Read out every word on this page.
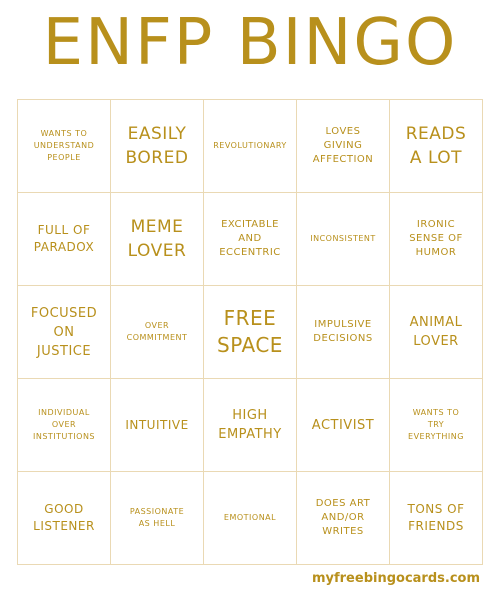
ENFP BINGO
WANTS TO
UNDERSTAND
PEOPLE
EASILY
BORED
REVOLUTIONARY
LOVES
GIVING
AFFECTION
READS
A LOT
FULL OF
PARADOX
MEME
LOVER
EXCITABLE
AND
ECCENTRIC
INCONSISTENT
IRONIC
SENSE OF
HUMOR
FOCUSED
ON
JUSTICE
OVER
COMMITMENT
FREE
SPACE
IMPULSIVE
DECISIONS
ANIMAL
LOVER
INDIVIDUAL
OVER
INSTITUTIONS
INTUITIVE
HIGH
EMPATHY
ACTIVIST
WANTS TO
TRY
EVERYTHING
GOOD
LISTENER
PASSIONATE
AS HELL
EMOTIONAL
DOES ART
AND/OR
WRITES
TONS OF
FRIENDS
myfreebingocards.com
